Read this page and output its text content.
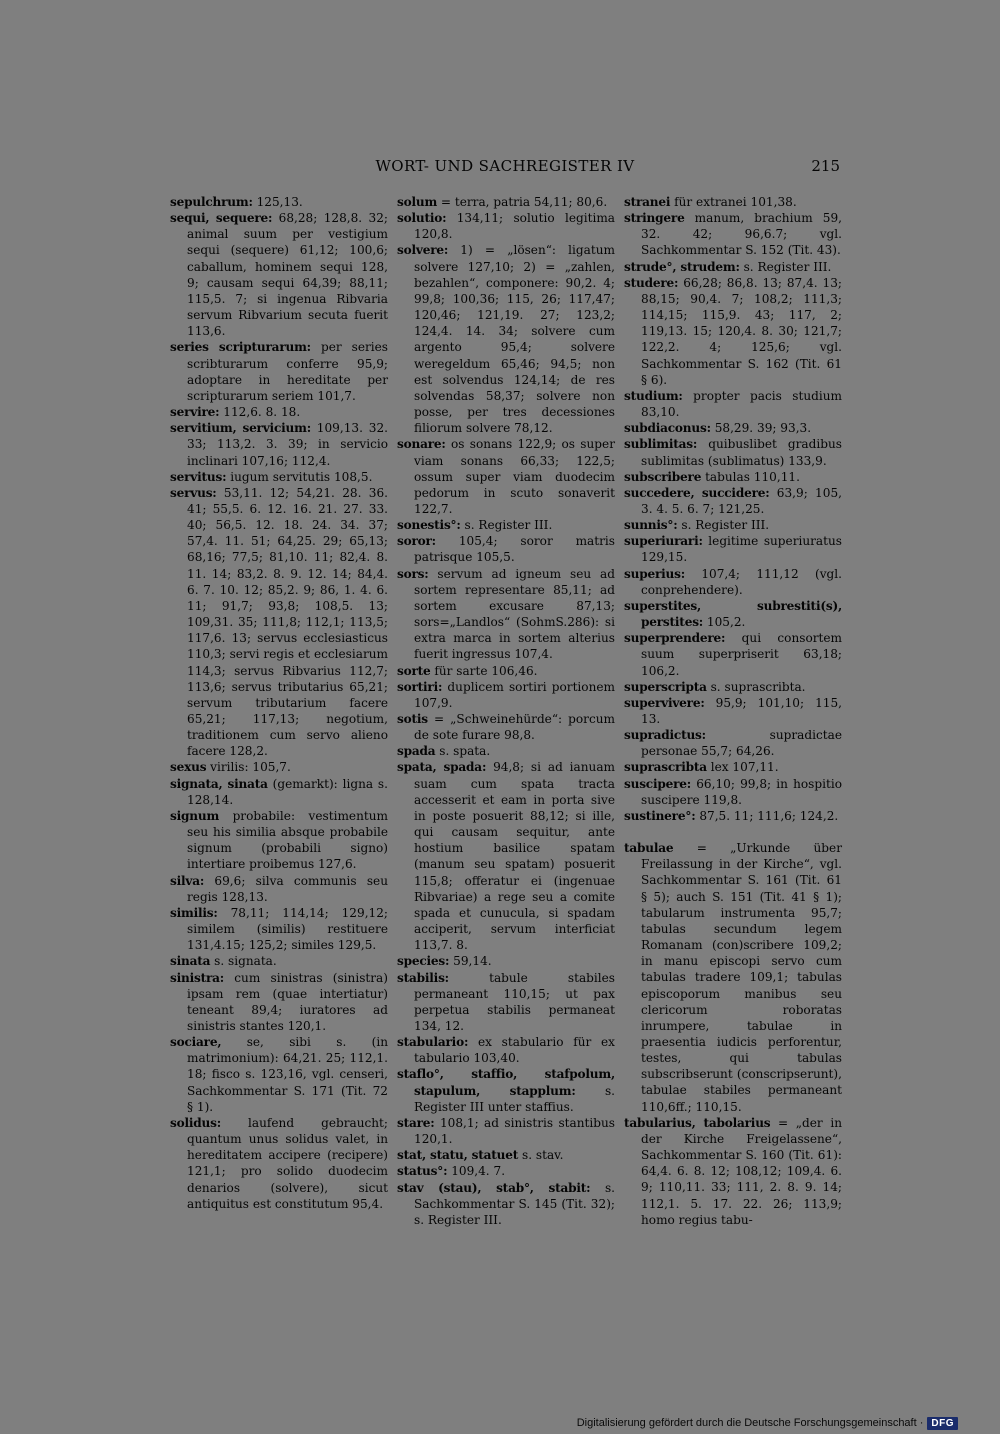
WORT- UND SACHREGISTER IV	215

sepulchrum: 125,13.

sequi, sequere: 68,28; 128,8. 32; animal suum per vestigium sequi (sequere) 61,12; 100,6; caballum, hominem sequi 128, 9; causam sequi 64,39; 88,11; 115,5. 7; si ingenua Ribvaria servum Ribvarium secuta fuerit 113,6.

series scripturarum: per series scribturarum conferre 95,9; adoptare in hereditate per scripturarum seriem 101,7.

servire: 112,6. 8. 18.

servitium, servicium: 109,13. 32. 33; 113,2. 3. 39; in servicio inclinari 107,16; 112,4.

servitus: iugum servitutis 108,5.

servus: 53,11. 12; 54,21. 28. 36. 41; 55,5. 6. 12. 16. 21. 27. 33. 40; 56,5. 12. 18. 24. 34. 37; 57,4. 11. 51; 64,25. 29; 65,13; 68,16; 77,5; 81,10. 11; 82,4. 8. 11. 14; 83,2. 8. 9. 12. 14; 84,4. 6. 7. 10. 12; 85,2. 9; 86, 1. 4. 6. 11; 91,7; 93,8; 108,5. 13; 109,31. 35; 111,8; 112,1; 113,5; 117,6. 13; servus ecclesiasticus 110,3; servi regis et ecclesiarum 114,3; servus Ribvarius 112,7; 113,6; servus tributarius 65,21; servum tributarium facere 65,21; 117,13; negotium, traditionem cum servo alieno facere 128,2.

sexus virilis: 105,7.

signata, sinata (gemarkt): ligna s. 128,14.

signum probabile: vestimentum seu his similia absque probabile signum (probabili signo) intertiare proibemus 127,6.

silva: 69,6; silva communis seu regis 128,13.

similis: 78,11; 114,14; 129,12; similem (similis) restituere 131,4.15; 125,2; similes 129,5.

sinata s. signata.

sinistra: cum sinistras (sinistra) ipsam rem (quae intertiatur) teneant 89,4; iuratores ad sinistris stantes 120,1.

sociare, se, sibi s. (in matrimonium): 64,21. 25; 112,1. 18; fisco s. 123,16, vgl. censeri, Sachkommentar S. 171 (Tit. 72 § 1).

solidus: laufend gebraucht; quantum unus solidus valet, in hereditatem accipere (recipere) 121,1; pro solido duodecim denarios (solvere), sicut antiquitus est constitutum 95,4.

solum = terra, patria 54,11; 80,6.

solutio: 134,11; solutio legitima 120,8.

solvere: 1) = „lösen“: ligatum solvere 127,10; 2) = „zahlen, bezahlen“, componere: 90,2. 4; 99,8; 100,36; 115, 26; 117,47; 120,46; 121,19. 27; 123,2; 124,4. 14. 34; solvere cum argento 95,4; solvere weregeldum 65,46; 94,5; non est solvendus 124,14; de res solvendas 58,37; solvere non posse, per tres decessiones filiorum solvere 78,12.

sonare: os sonans 122,9; os super viam sonans 66,33; 122,5; ossum super viam duodecim pedorum in scuto sonaverit 122,7.

sonestis°: s. Register III.

soror: 105,4; soror matris patrisque 105,5.

sors: servum ad igneum seu ad sortem representare 85,11; ad sortem excusare 87,13; sors=„Landlos“ (SohmS.286): si extra marca in sortem alterius fuerit ingressus 107,4.

sorte für sarte 106,46.

sortiri: duplicem sortiri portionem 107,9.

sotis = „Schweinehürde“: porcum de sote furare 98,8.

spada s. spata.

spata, spada: 94,8; si ad ianuam suam cum spata tracta accesserit et eam in porta sive in poste posuerit 88,12; si ille, qui causam sequitur, ante hostium basilice spatam (manum seu spatam) posuerit 115,8; offeratur ei (ingenuae Ribvariae) a rege seu a comite spada et cunucula, si spadam acciperit, servum interficiat 113,7. 8.

species: 59,14.

stabilis: tabule stabiles permaneant 110,15; ut pax perpetua stabilis permaneat 134, 12.

stabulario: ex stabulario für ex tabulario 103,40.

staflo°, staffio, stafpolum, stapulum, stapplum: s. Register III unter staffius.

stare: 108,1; ad sinistris stantibus 120,1.

stat, statu, statuet s. stav.

status°: 109,4. 7.

stav (stau), stab°, stabit: s. Sachkommentar S. 145 (Tit. 32); s. Register III.

stranei für extranei 101,38.

stringere manum, brachium 59, 32. 42; 96,6.7; vgl. Sachkommentar S. 152 (Tit. 43).

strude°, strudem: s. Register III.

studere: 66,28; 86,8. 13; 87,4. 13; 88,15; 90,4. 7; 108,2; 111,3; 114,15; 115,9. 43; 117, 2; 119,13. 15; 120,4. 8. 30; 121,7; 122,2. 4; 125,6; vgl. Sachkommentar S. 162 (Tit. 61 § 6).

studium: propter pacis studium 83,10.

subdiaconus: 58,29. 39; 93,3.

sublimitas: quibuslibet gradibus sublimitas (sublimatus) 133,9.

subscribere tabulas 110,11.

succedere, succidere: 63,9; 105, 3. 4. 5. 6. 7; 121,25.

sunnis°: s. Register III.

superiurari: legitime superiuratus 129,15.

superius: 107,4; 111,12 (vgl. conprehendere).

superstites, subrestiti(s), perstites: 105,2.

superprendere: qui consortem suum superpriserit 63,18; 106,2.

superscripta s. suprascribta.

supervivere: 95,9; 101,10; 115, 13.

supradictus: supradictae personae 55,7; 64,26.

suprascribta lex 107,11.

suscipere: 66,10; 99,8; in hospitio suscipere 119,8.

sustinere°: 87,5. 11; 111,6; 124,2.

tabulae = „Urkunde über Freilassung in der Kirche“, vgl. Sachkommentar S. 161 (Tit. 61 § 5); auch S. 151 (Tit. 41 § 1); tabularum instrumenta 95,7; tabulas secundum legem Romanam (con)scribere 109,2; in manu episcopi servo cum tabulas tradere 109,1; tabulas episcoporum manibus seu clericorum roboratas inrumpere, tabulae in praesentia iudicis perforentur, testes, qui tabulas subscribserunt (conscripserunt), tabulae stabiles permaneant 110,6ff.; 110,15.

tabularius, tabolarius = „der in der Kirche Freigelassene“, Sachkommentar S. 160 (Tit. 61): 64,4. 6. 8. 12; 108,12; 109,4. 6. 9; 110,11. 33; 111, 2. 8. 9. 14; 112,1. 5. 17. 22. 26; 113,9; homo regius tabu-

Digitalisierung gefördert durch die Deutsche Forschungsgemeinschaft · DFG
